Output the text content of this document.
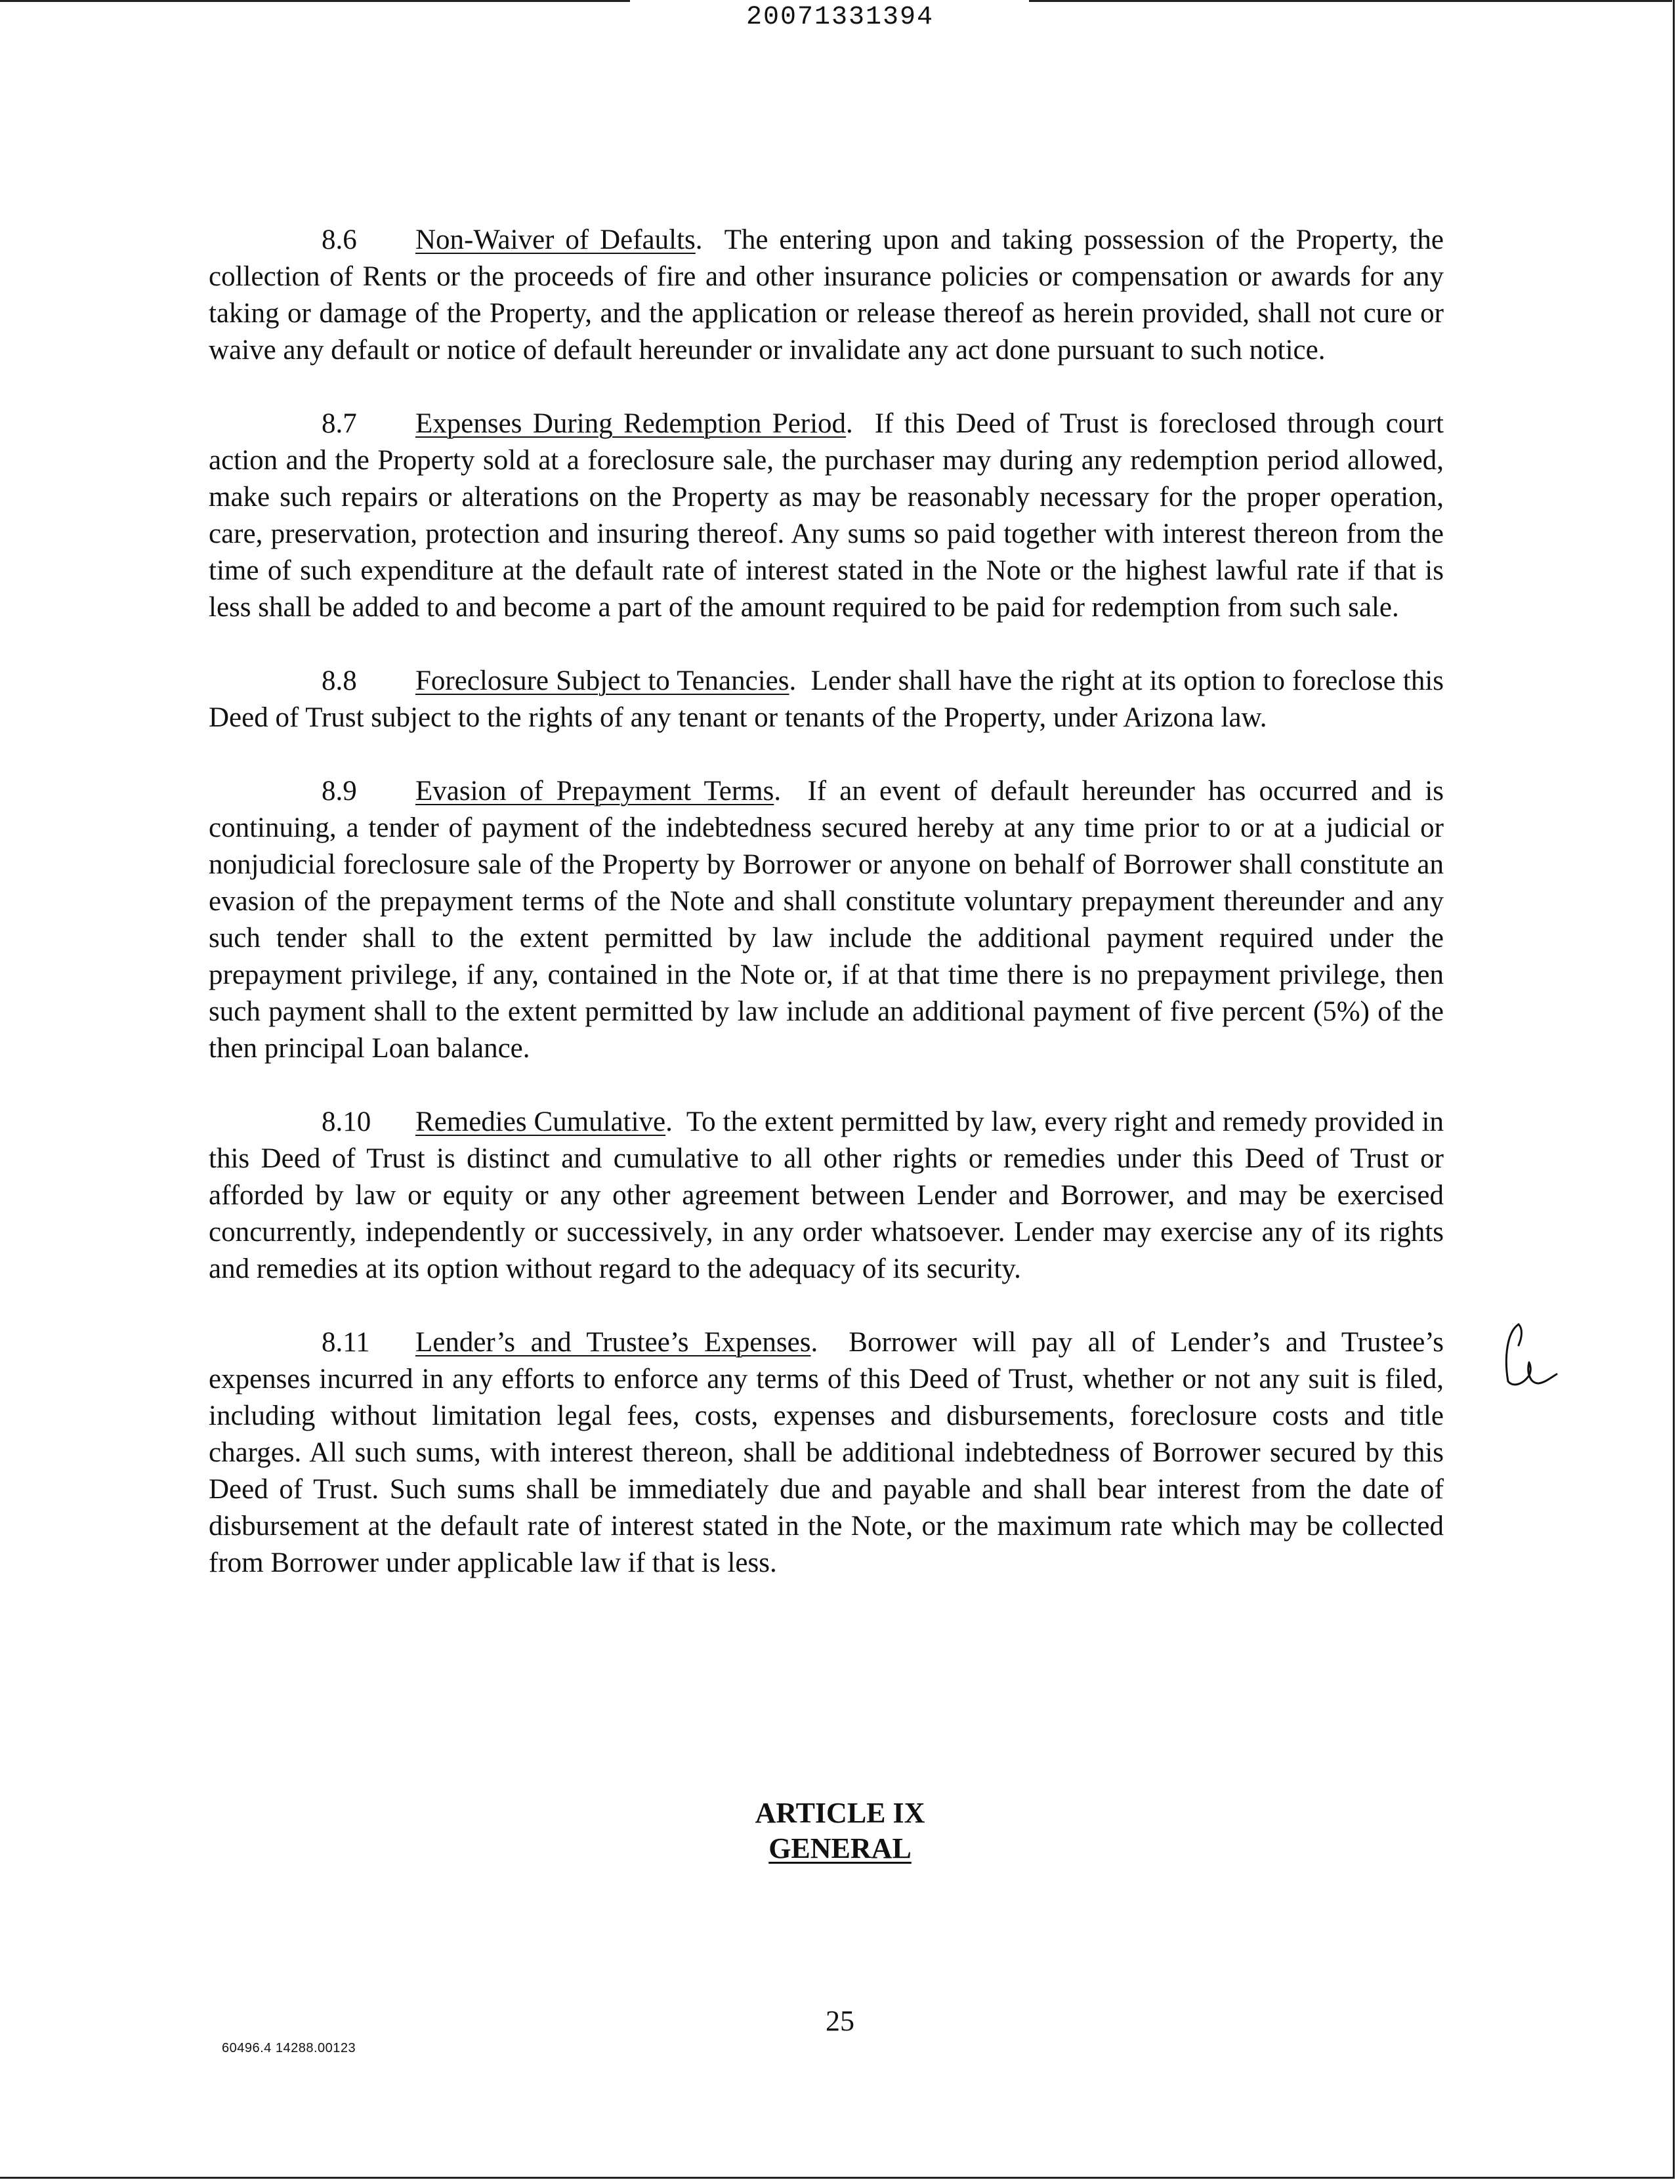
20071331394

8.6 Non-Waiver of Defaults.  The entering upon and taking possession of the Property, the collection of Rents or the proceeds of fire and other insurance policies or compensation or awards for any taking or damage of the Property, and the application or release thereof as herein provided, shall not cure or waive any default or notice of default hereunder or invalidate any act done pursuant to such notice.

8.7 Expenses During Redemption Period.  If this Deed of Trust is foreclosed through court action and the Property sold at a foreclosure sale, the purchaser may during any redemption period allowed, make such repairs or alterations on the Property as may be reasonably necessary for the proper operation, care, preservation, protection and insuring thereof. Any sums so paid together with interest thereon from the time of such expenditure at the default rate of interest stated in the Note or the highest lawful rate if that is less shall be added to and become a part of the amount required to be paid for redemption from such sale.

8.8 Foreclosure Subject to Tenancies.  Lender shall have the right at its option to foreclose this Deed of Trust subject to the rights of any tenant or tenants of the Property, under Arizona law.

8.9 Evasion of Prepayment Terms.  If an event of default hereunder has occurred and is continuing, a tender of payment of the indebtedness secured hereby at any time prior to or at a judicial or nonjudicial foreclosure sale of the Property by Borrower or anyone on behalf of Borrower shall constitute an evasion of the prepayment terms of the Note and shall constitute voluntary prepayment thereunder and any such tender shall to the extent permitted by law include the additional payment required under the prepayment privilege, if any, contained in the Note or, if at that time there is no prepayment privilege, then such payment shall to the extent permitted by law include an additional payment of five percent (5%) of the then principal Loan balance.

8.10 Remedies Cumulative.  To the extent permitted by law, every right and remedy provided in this Deed of Trust is distinct and cumulative to all other rights or remedies under this Deed of Trust or afforded by law or equity or any other agreement between Lender and Borrower, and may be exercised concurrently, independently or successively, in any order whatsoever. Lender may exercise any of its rights and remedies at its option without regard to the adequacy of its security.

8.11 Lender’s and Trustee’s Expenses.  Borrower will pay all of Lender’s and Trustee’s expenses incurred in any efforts to enforce any terms of this Deed of Trust, whether or not any suit is filed, including without limitation legal fees, costs, expenses and disbursements, foreclosure costs and title charges. All such sums, with interest thereon, shall be additional indebtedness of Borrower secured by this Deed of Trust. Such sums shall be immediately due and payable and shall bear interest from the date of disbursement at the default rate of interest stated in the Note, or the maximum rate which may be collected from Borrower under applicable law if that is less.

ARTICLE IX
GENERAL
25
60496.4 14288.00123
